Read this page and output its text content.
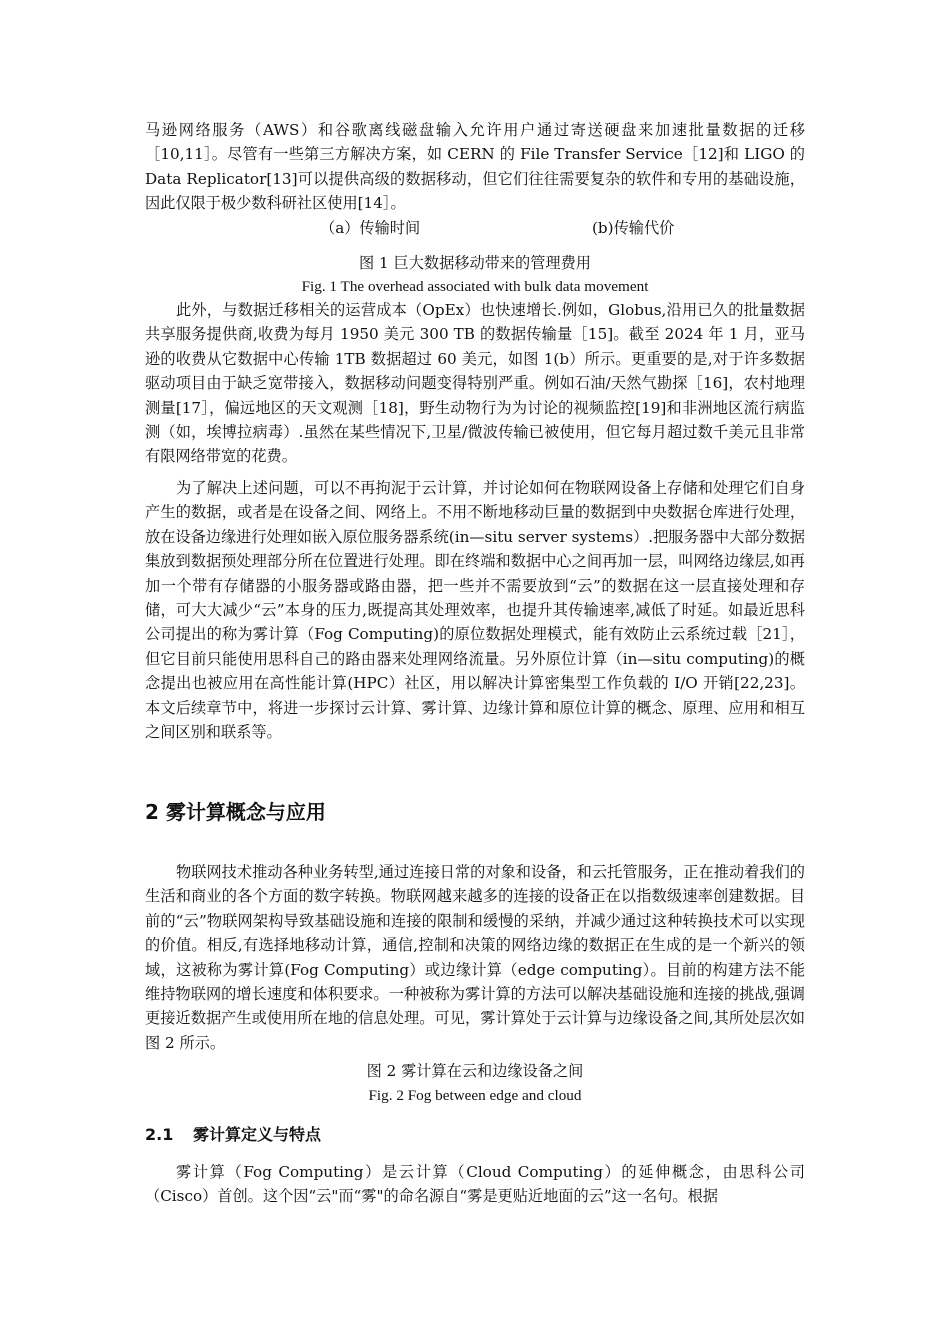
马逊网络服务（AWS）和谷歌离线磁盘输入允许用户通过寄送硬盘来加速批量数据的迁移［10,11］。尽管有一些第三方解决方案，如 CERN 的 File Transfer Service［12]和 LIGO 的 Data Replicator[13]可以提供高级的数据移动，但它们往往需要复杂的软件和专用的基础设施，因此仅限于极少数科研社区使用[14］。

（a）传输时间	(b)传输代价

图 1 巨大数据移动带来的管理费用

Fig. 1 The overhead associated with bulk data movement

此外，与数据迁移相关的运营成本（OpEx）也快速增长.例如，Globus,沿用已久的批量数据共享服务提供商,收费为每月 1950 美元 300 TB 的数据传输量［15]。截至 2024 年 1 月，亚马逊的收费从它数据中心传输 1TB 数据超过 60 美元，如图 1(b）所示。更重要的是,对于许多数据驱动项目由于缺乏宽带接入，数据移动问题变得特别严重。例如石油/天然气勘探［16]，农村地理测量[17］，偏远地区的天文观测［18]，野生动物行为为讨论的视频监控[19]和非洲地区流行病监测（如，埃博拉病毒）.虽然在某些情况下,卫星/微波传输已被使用，但它每月超过数千美元且非常有限网络带宽的花费。

为了解决上述问题，可以不再拘泥于云计算，并讨论如何在物联网设备上存储和处理它们自身产生的数据，或者是在设备之间、网络上。不用不断地移动巨量的数据到中央数据仓库进行处理，放在设备边缘进行处理如嵌入原位服务器系统(in—situ server systems）.把服务器中大部分数据集放到数据预处理部分所在位置进行处理。即在终端和数据中心之间再加一层，叫网络边缘层,如再加一个带有存储器的小服务器或路由器，把一些并不需要放到“云”的数据在这一层直接处理和存储，可大大减少“云”本身的压力,既提高其处理效率，也提升其传输速率,减低了时延。如最近思科公司提出的称为雾计算（Fog Computing)的原位数据处理模式，能有效防止云系统过载［21］，但它目前只能使用思科自己的路由器来处理网络流量。另外原位计算（in—situ computing)的概念提出也被应用在高性能计算(HPC）社区，用以解决计算密集型工作负载的 I/O 开销[22,23]。本文后续章节中，将进一步探讨云计算、雾计算、边缘计算和原位计算的概念、原理、应用和相互之间区别和联系等。

2 雾计算概念与应用

物联网技术推动各种业务转型,通过连接日常的对象和设备，和云托管服务，正在推动着我们的生活和商业的各个方面的数字转换。物联网越来越多的连接的设备正在以指数级速率创建数据。目前的“云”物联网架构导致基础设施和连接的限制和缓慢的采纳，并减少通过这种转换技术可以实现的价值。相反,有选择地移动计算，通信,控制和决策的网络边缘的数据正在生成的是一个新兴的领域，这被称为雾计算(Fog Computing）或边缘计算（edge computing）。目前的构建方法不能维持物联网的增长速度和体积要求。一种被称为雾计算的方法可以解决基础设施和连接的挑战,强调更接近数据产生或使用所在地的信息处理。可见，雾计算处于云计算与边缘设备之间,其所处层次如图 2 所示。

图 2 雾计算在云和边缘设备之间

Fig. 2 Fog between edge and cloud

2.1 雾计算定义与特点

雾计算（Fog Computing）是云计算（Cloud Computing）的延伸概念，由思科公司（Cisco）首创。这个因“云"而“雾"的命名源自“雾是更贴近地面的云”这一名句。根据
